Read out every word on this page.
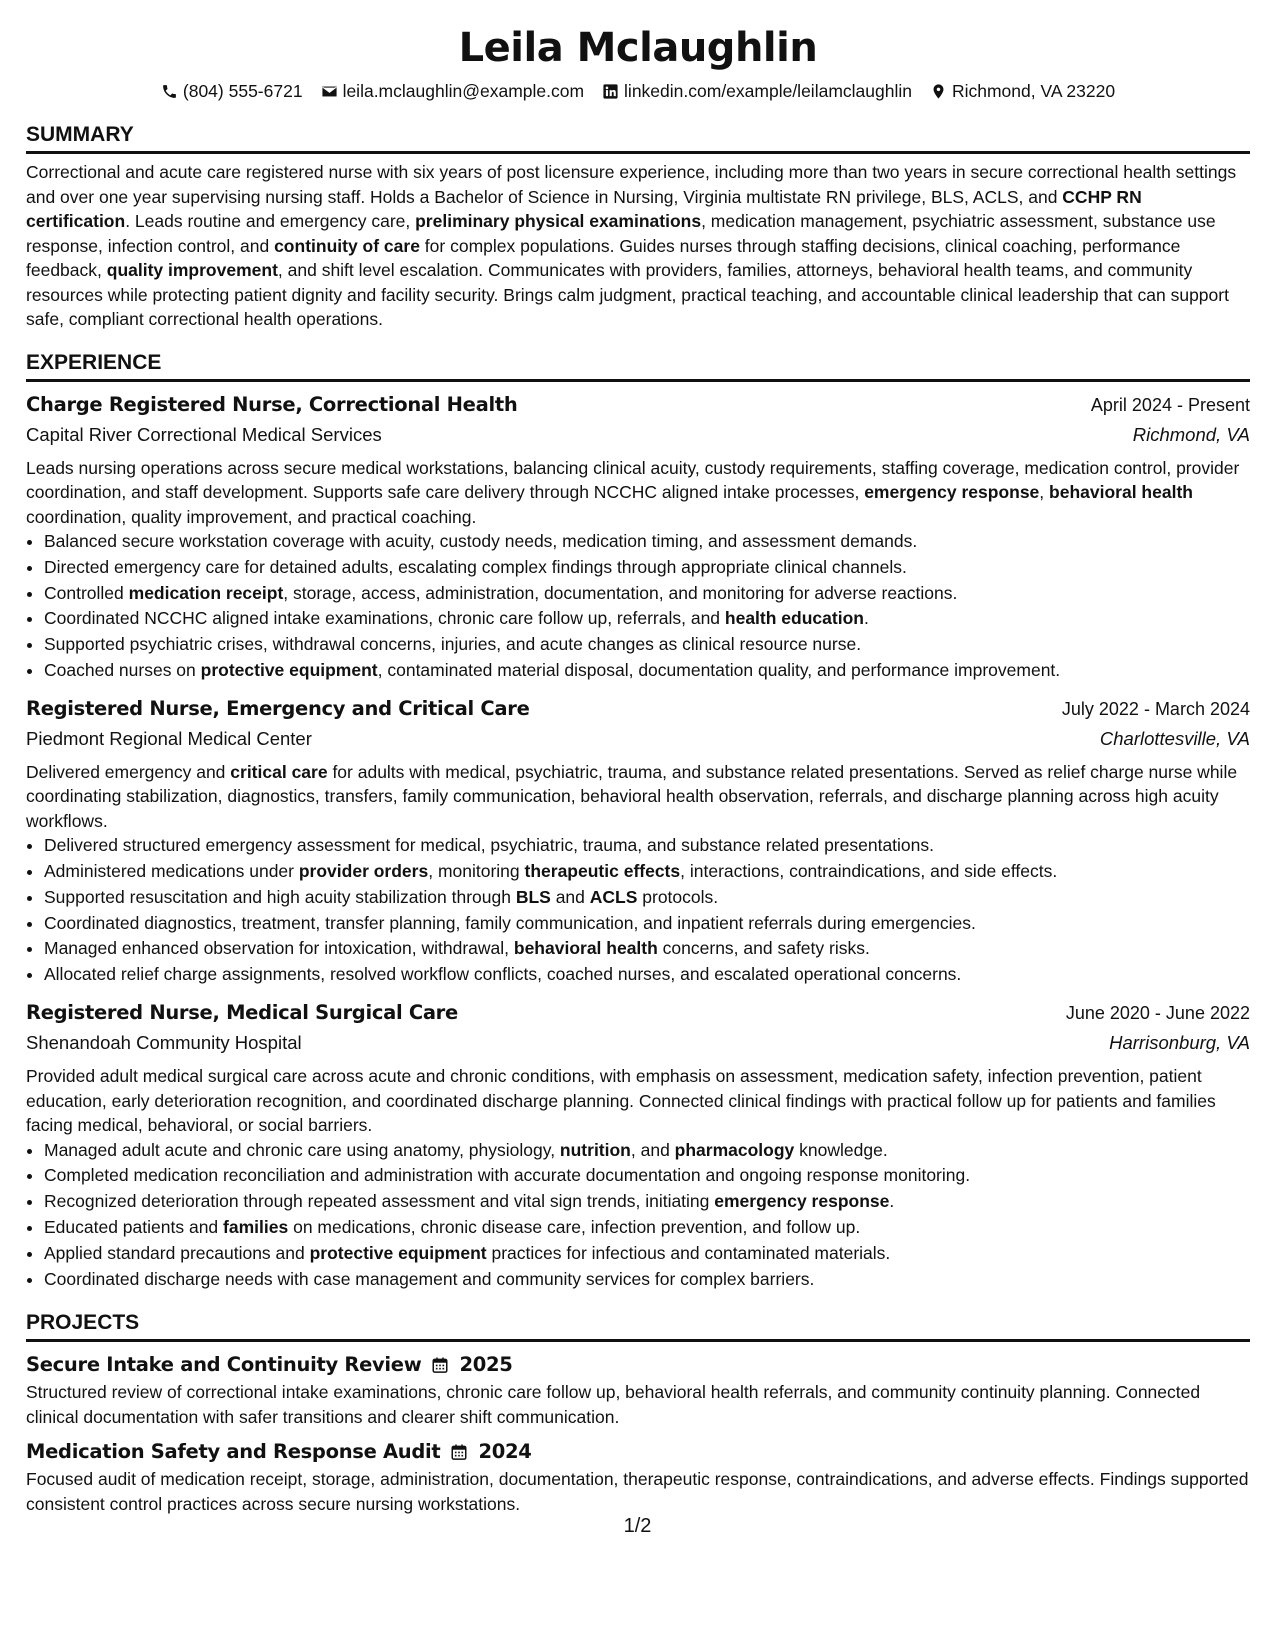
Leila Mclaughlin
(804) 555-6721 leila.mclaughlin@example.com linkedin.com/example/leilamclaughlin Richmond, VA 23220
SUMMARY

Correctional and acute care registered nurse with six years of post licensure experience, including more than two years in secure correctional health settings and over one year supervising nursing staff. Holds a Bachelor of Science in Nursing, Virginia multistate RN privilege, BLS, ACLS, and CCHP RN certification. Leads routine and emergency care, preliminary physical examinations, medication management, psychiatric assessment, substance use response, infection control, and continuity of care for complex populations. Guides nurses through staffing decisions, clinical coaching, performance feedback, quality improvement, and shift level escalation. Communicates with providers, families, attorneys, behavioral health teams, and community resources while protecting patient dignity and facility security. Brings calm judgment, practical teaching, and accountable clinical leadership that can support safe, compliant correctional health operations.

EXPERIENCE
Charge Registered Nurse, Correctional Health	April 2024 - Present
Capital River Correctional Medical Services	Richmond, VA

Leads nursing operations across secure medical workstations, balancing clinical acuity, custody requirements, staffing coverage, medication control, provider coordination, and staff development. Supports safe care delivery through NCCHC aligned intake processes, emergency response, behavioral health coordination, quality improvement, and practical coaching.

• Balanced secure workstation coverage with acuity, custody needs, medication timing, and assessment demands.
• Directed emergency care for detained adults, escalating complex findings through appropriate clinical channels.
• Controlled medication receipt, storage, access, administration, documentation, and monitoring for adverse reactions.
• Coordinated NCCHC aligned intake examinations, chronic care follow up, referrals, and health education.
• Supported psychiatric crises, withdrawal concerns, injuries, and acute changes as clinical resource nurse.
• Coached nurses on protective equipment, contaminated material disposal, documentation quality, and performance improvement.
Registered Nurse, Emergency and Critical Care	July 2022 - March 2024
Piedmont Regional Medical Center	Charlottesville, VA

Delivered emergency and critical care for adults with medical, psychiatric, trauma, and substance related presentations. Served as relief charge nurse while coordinating stabilization, diagnostics, transfers, family communication, behavioral health observation, referrals, and discharge planning across high acuity workflows.

• Delivered structured emergency assessment for medical, psychiatric, trauma, and substance related presentations.
• Administered medications under provider orders, monitoring therapeutic effects, interactions, contraindications, and side effects.
• Supported resuscitation and high acuity stabilization through BLS and ACLS protocols.
• Coordinated diagnostics, treatment, transfer planning, family communication, and inpatient referrals during emergencies.
• Managed enhanced observation for intoxication, withdrawal, behavioral health concerns, and safety risks.
• Allocated relief charge assignments, resolved workflow conflicts, coached nurses, and escalated operational concerns.
Registered Nurse, Medical Surgical Care	June 2020 - June 2022
Shenandoah Community Hospital	Harrisonburg, VA

Provided adult medical surgical care across acute and chronic conditions, with emphasis on assessment, medication safety, infection prevention, patient education, early deterioration recognition, and coordinated discharge planning. Connected clinical findings with practical follow up for patients and families facing medical, behavioral, or social barriers.

• Managed adult acute and chronic care using anatomy, physiology, nutrition, and pharmacology knowledge.
• Completed medication reconciliation and administration with accurate documentation and ongoing response monitoring.
• Recognized deterioration through repeated assessment and vital sign trends, initiating emergency response.
• Educated patients and families on medications, chronic disease care, infection prevention, and follow up.
• Applied standard precautions and protective equipment practices for infectious and contaminated materials.
• Coordinated discharge needs with case management and community services for complex barriers.
PROJECTS
Secure Intake and Continuity Review 2025

Structured review of correctional intake examinations, chronic care follow up, behavioral health referrals, and community continuity planning. Connected clinical documentation with safer transitions and clearer shift communication.

Medication Safety and Response Audit 2024

Focused audit of medication receipt, storage, administration, documentation, therapeutic response, contraindications, and adverse effects. Findings supported consistent control practices across secure nursing workstations.

1/2
